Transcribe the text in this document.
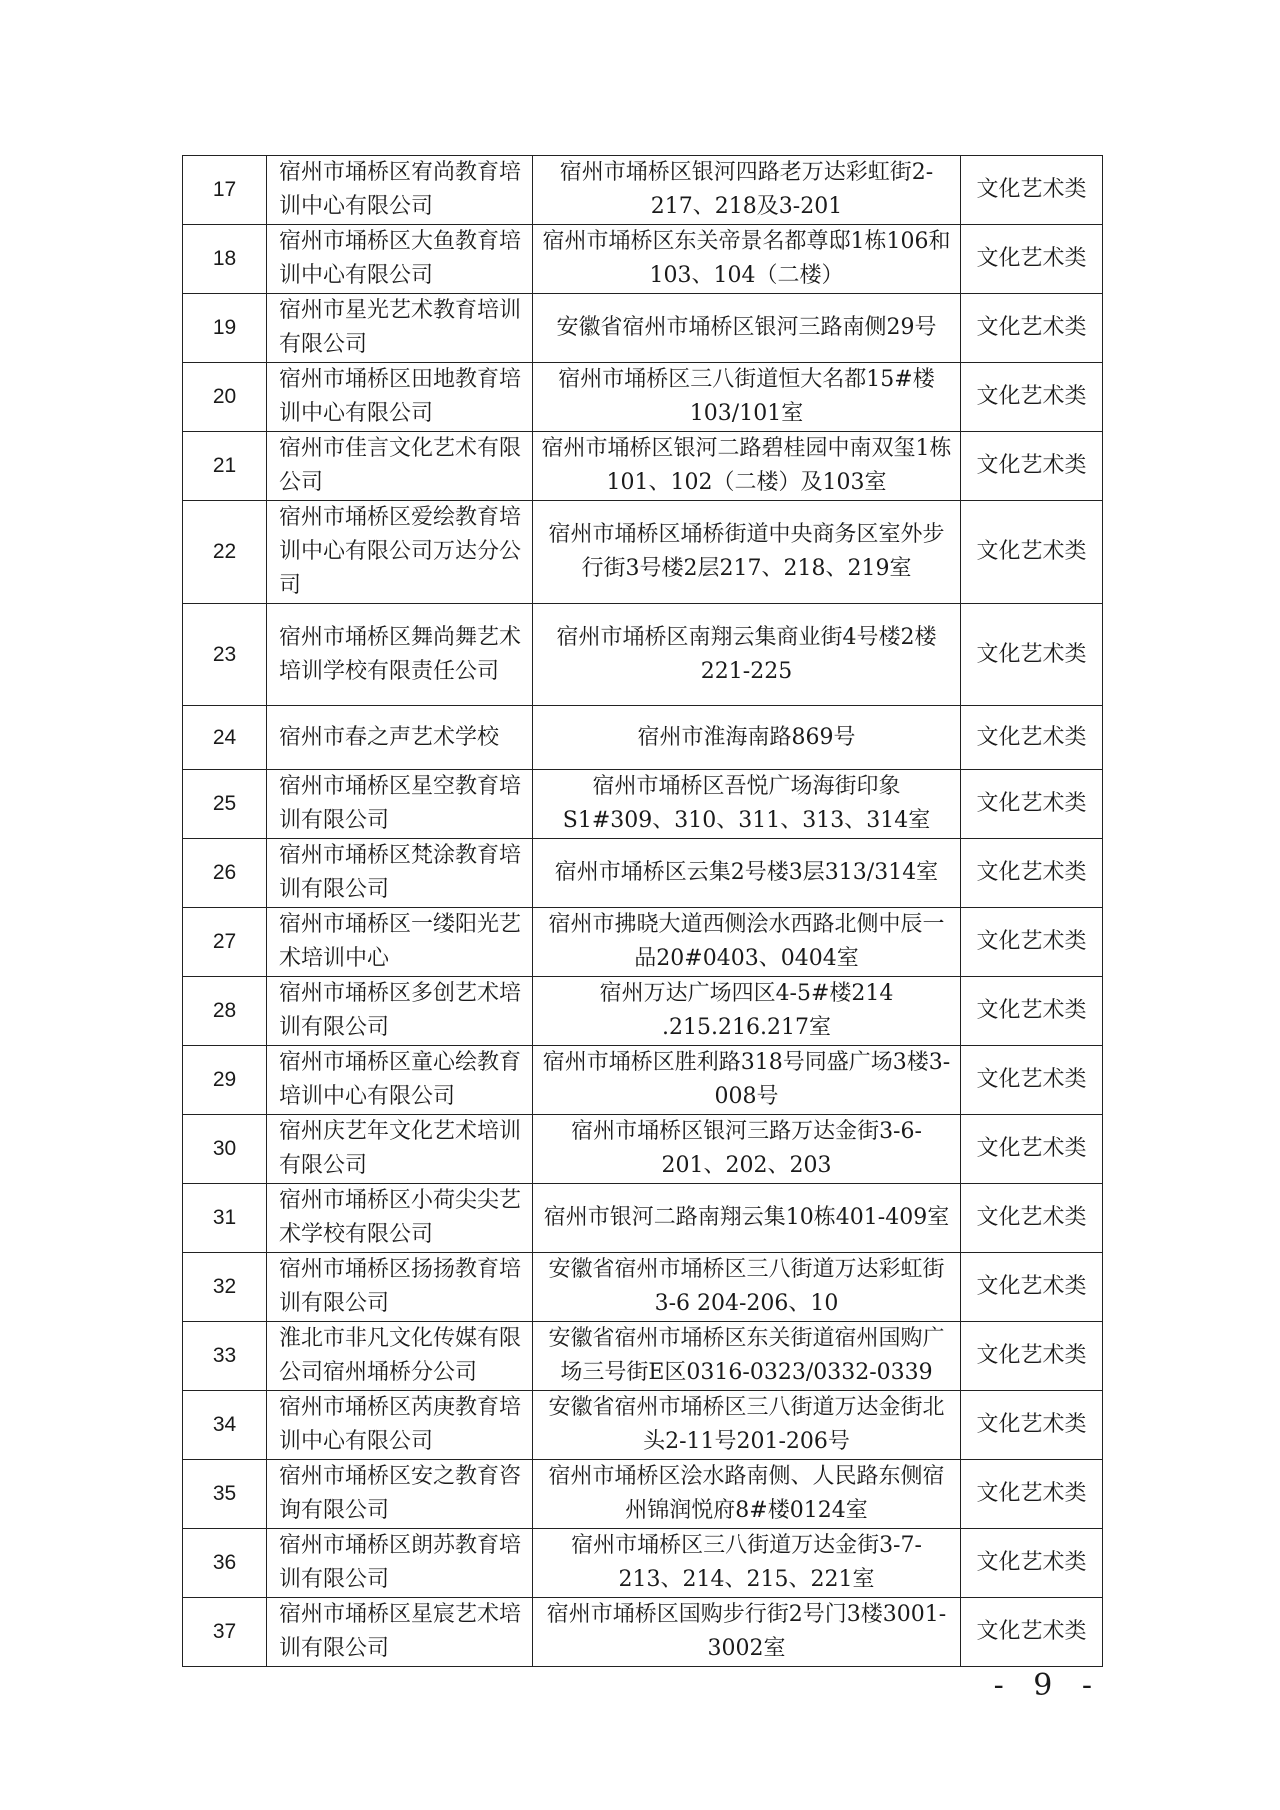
17	宿州市埇桥区宥尚教育培训中心有限公司	宿州市埇桥区银河四路老万达彩虹街2-217、218及3-201	文化艺术类
18	宿州市埇桥区大鱼教育培训中心有限公司	宿州市埇桥区东关帝景名都尊邸1栋106和103、104（二楼）	文化艺术类
19	宿州市星光艺术教育培训有限公司	安徽省宿州市埇桥区银河三路南侧29号	文化艺术类
20	宿州市埇桥区田地教育培训中心有限公司	宿州市埇桥区三八街道恒大名都15#楼103/101室	文化艺术类
21	宿州市佳言文化艺术有限公司	宿州市埇桥区银河二路碧桂园中南双玺1栋101、102（二楼）及103室	文化艺术类
22	宿州市埇桥区爱绘教育培训中心有限公司万达分公司	宿州市埇桥区埇桥街道中央商务区室外步行街3号楼2层217、218、219室	文化艺术类
23	宿州市埇桥区舞尚舞艺术培训学校有限责任公司	宿州市埇桥区南翔云集商业街4号楼2楼221-225	文化艺术类
24	宿州市春之声艺术学校	宿州市淮海南路869号	文化艺术类
25	宿州市埇桥区星空教育培训有限公司	宿州市埇桥区吾悦广场海街印象S1#309、310、311、313、314室	文化艺术类
26	宿州市埇桥区梵涂教育培训有限公司	宿州市埇桥区云集2号楼3层313/314室	文化艺术类
27	宿州市埇桥区一缕阳光艺术培训中心	宿州市拂晓大道西侧浍水西路北侧中辰一品20#0403、0404室	文化艺术类
28	宿州市埇桥区多创艺术培训有限公司	宿州万达广场四区4-5#楼214 .215.216.217室	文化艺术类
29	宿州市埇桥区童心绘教育培训中心有限公司	宿州市埇桥区胜利路318号同盛广场3楼3-008号	文化艺术类
30	宿州庆艺年文化艺术培训有限公司	宿州市埇桥区银河三路万达金街3-6-201、202、203	文化艺术类
31	宿州市埇桥区小荷尖尖艺术学校有限公司	宿州市银河二路南翔云集10栋401-409室	文化艺术类
32	宿州市埇桥区扬扬教育培训有限公司	安徽省宿州市埇桥区三八街道万达彩虹街3-6 204-206、10	文化艺术类
33	淮北市非凡文化传媒有限公司宿州埇桥分公司	安徽省宿州市埇桥区东关街道宿州国购广场三号街E区0316-0323/0332-0339	文化艺术类
34	宿州市埇桥区芮庚教育培训中心有限公司	安徽省宿州市埇桥区三八街道万达金街北头2-11号201-206号	文化艺术类
35	宿州市埇桥区安之教育咨询有限公司	宿州市埇桥区浍水路南侧、人民路东侧宿州锦润悦府8#楼0124室	文化艺术类
36	宿州市埇桥区朗苏教育培训有限公司	宿州市埇桥区三八街道万达金街3-7-213、214、215、221室	文化艺术类
37	宿州市埇桥区星宸艺术培训有限公司	宿州市埇桥区国购步行街2号门3楼3001-3002室	文化艺术类
- 9 -
